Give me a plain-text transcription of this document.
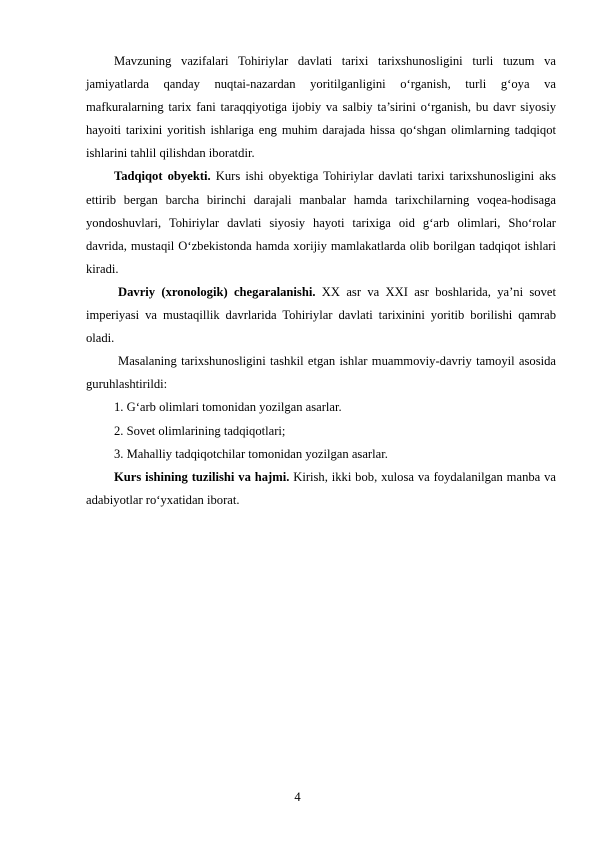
Mavzuning vazifalari Tohiriylar davlati tarixi tarixshunosligini turli tuzum va jamiyatlarda qanday nuqtai-nazardan yoritilganligini o‘rganish, turli g‘oya va mafkuralarning tarix fani taraqqiyotiga ijobiy va salbiy ta’sirini o‘rganish, bu davr siyosiy hayoiti tarixini yoritish ishlariga eng muhim darajada hissa qo‘shgan olimlarning tadqiqot ishlarini tahlil qilishdan iboratdir.

Tadqiqot obyekti. Kurs ishi obyektiga Tohiriylar davlati tarixi tarixshunosligini aks ettirib bergan barcha birinchi darajali manbalar hamda tarixchilarning voqea-hodisaga yondoshuvlari, Tohiriylar davlati siyosiy hayoti tarixiga oid g‘arb olimlari, Sho‘rolar davrida, mustaqil O‘zbekistonda hamda xorijiy mamlakatlarda olib borilgan tadqiqot ishlari kiradi.

Davriy (xronologik) chegaralanishi. XX asr va XXI asr boshlarida, ya’ni sovet imperiyasi va mustaqillik davrlarida Tohiriylar davlati tarixinini yoritib borilishi qamrab oladi.

Masalaning tarixshunosligini tashkil etgan ishlar muammoviy-davriy tamoyil asosida guruhlashtirildi:

1. G‘arb olimlari tomonidan yozilgan asarlar.

2. Sovet olimlarining tadqiqotlari;

3. Mahalliy tadqiqotchilar tomonidan yozilgan asarlar.

Kurs ishining tuzilishi va hajmi. Kirish, ikki bob, xulosa va foydalanilgan manba va adabiyotlar ro‘yxatidan iborat.

4
